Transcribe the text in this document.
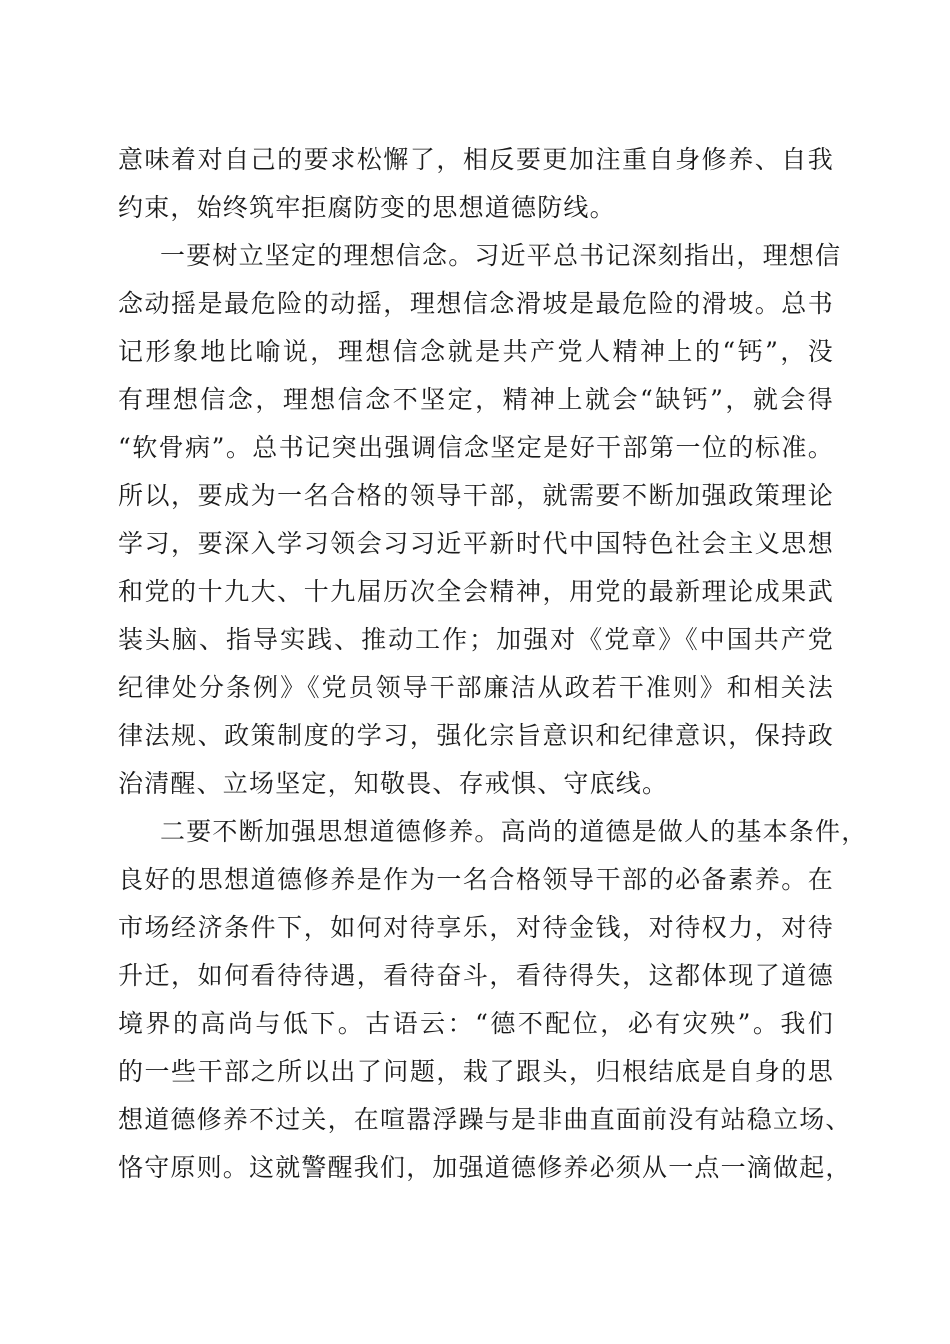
意味着对自己的要求松懈了，相反要更加注重自身修养、自我
约束，始终筑牢拒腐防变的思想道德防线。
一要树立坚定的理想信念。习近平总书记深刻指出，理想信
念动摇是最危险的动摇，理想信念滑坡是最危险的滑坡。总书
记形象地比喻说，理想信念就是共产党人精神上的“钙”，没
有理想信念，理想信念不坚定，精神上就会“缺钙”，就会得
“软骨病”。总书记突出强调信念坚定是好干部第一位的标准。
所以，要成为一名合格的领导干部，就需要不断加强政策理论
学习，要深入学习领会习习近平新时代中国特色社会主义思想
和党的十九大、十九届历次全会精神，用党的最新理论成果武
装头脑、指导实践、推动工作；加强对《党章》《中国共产党
纪律处分条例》《党员领导干部廉洁从政若干准则》和相关法
律法规、政策制度的学习，强化宗旨意识和纪律意识，保持政
治清醒、立场坚定，知敬畏、存戒惧、守底线。
二要不断加强思想道德修养。高尚的道德是做人的基本条件，
良好的思想道德修养是作为一名合格领导干部的必备素养。在
市场经济条件下，如何对待享乐，对待金钱，对待权力，对待
升迁，如何看待待遇，看待奋斗，看待得失，这都体现了道德
境界的高尚与低下。古语云：“德不配位，必有灾殃”。我们
的一些干部之所以出了问题，栽了跟头，归根结底是自身的思
想道德修养不过关，在喧嚣浮躁与是非曲直面前没有站稳立场、
恪守原则。这就警醒我们，加强道德修养必须从一点一滴做起，
